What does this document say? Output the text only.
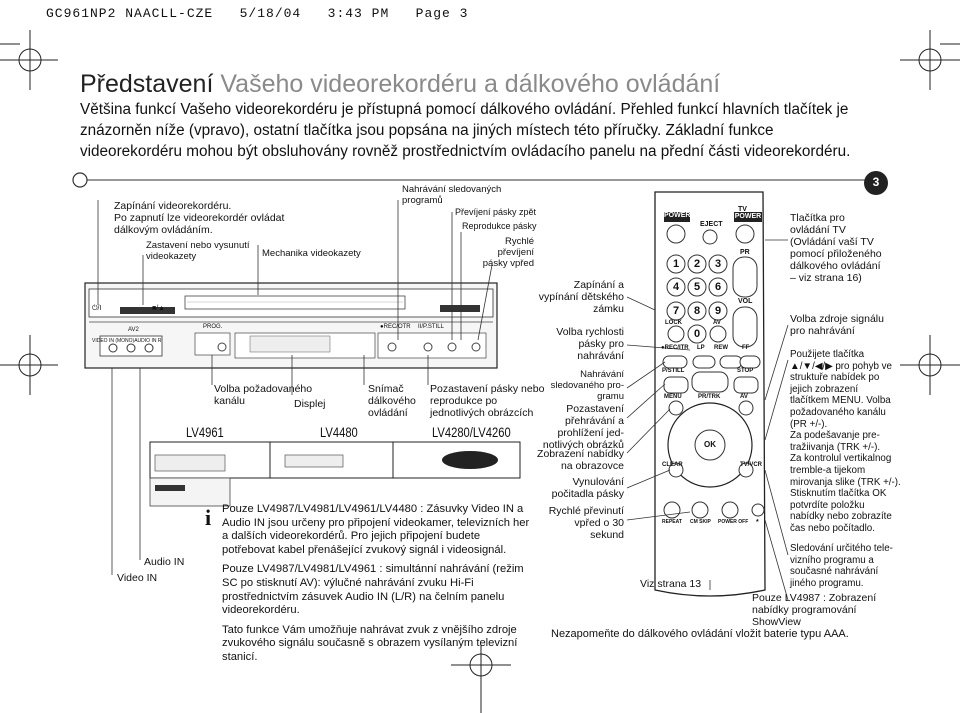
GC961NP2 NAACLL-CZE   5/18/04   3:43 PM   Page 3
Představení Vašeho videorekordéru a dálkového ovládání
Většina funkcí Vašeho videorekordéru je přístupná pomocí dálkového ovládání. Přehled funkcí hlavních tlačítek je znázorněn níže (vpravo), ostatní tlačítka jsou popsána na jiných místech této příručky. Základní funkce videorekordéru mohou být obsluhovány rovněž prostřednictvím ovládacího panelu na přední části videorekordéru.
3
Zapínání videorekordéru.
Po zapnutí lze videorekordér ovládat
dálkovým ovládáním.
Zastavení nebo vysunutí
videokazety	Mechanika videokazety
Nahrávání sledovaných
programů
Převíjení pásky zpět
Reprodukce pásky
Rychlé
převíjení
pásky vpřed
⏻/I	■/▲
AV2
VIDEO IN (MONO)AUDIO IN R
PROG.	●REC/OTR II/P.STILL
Volba požadovaného
kanálu	Displej
Snímač
dálkového
ovládání
Pozastavení pásky nebo
reprodukce po
jednotlivých obrázcích
Audio IN
Video IN
LV4961	LV4480	LV4280/LV4260
i Pouze LV4987/LV4981/LV4961/LV4480 : Zásuvky Video IN a Audio IN jsou určeny pro připojení videokamer, televizních her a dalších videorekordérů. Pro jejich připojení budete potřebovat kabel přenášející zvukový signál i videosignál.

Pouze LV4987/LV4981/LV4961 : simultánní nahrávání (režim SC po stisknutí AV): výlučné nahrávání zvuku Hi-Fi prostřednictvím zásuvek Audio IN (L/R) na čelním panelu videorekordéru.

Tato funkce Vám umožňuje nahrávat zvuk z vnějšího zdroje zvukového signálu současně s obrazem vysílaným televizní stanicí.

Zapínání a
vypínání dětského
zámku
Volba rychlosti
pásky pro
nahrávání
Nahrávání
sledovaného pro-
gramu
Pozastavení
přehrávání a
prohlížení jed-
notlivých obrázků
Zobrazení nabídky
na obrazovce
Vynulování
počitadla pásky
Rychlé převinutí
vpřed o 30
sekund
Tlačítka pro
ovládání TV
(Ovládání vaší TV
pomocí přiloženého
dálkového ovládání
– viz strana 16)
Volba zdroje signálu
pro nahrávání
Použijete tlačítka
▲/▼/◀/▶ pro pohyb ve
struktuře nabídek po
jejich zobrazení
tlačítkem MENU. Volba
požadovaného kanálu
(PR +/-).
Za podešavanje pre-
tražiivanja (TRK +/-).
Za kontrolul vertikalnog
tremble-a tijekom
mirovanja slike (TRK +/-).
Stisknutím tlačítka OK
potvrdíte položku
nabídky nebo zobrazíte
čas nebo počítadlo.
Sledování určitého tele-
vizního programu a
současné nahrávání
jiného programu.
Pouze LV4987 : Zobrazení
nabídky programování
ShowView
POWER
EJECT
TV
POWER
PR
VOL
1	2	3
4	5	6
7	8	9
0
LOCK	AV
●REC/ITR LP REW FF
P/STILL	STOP
MENU	PR/TRK	AV
OK
CLEAR	TV/VCR
REPEAT CM SKIP POWER OFF *
Viz strana 13
Nezapomeňte do dálkového ovládání vložit baterie typu AAA.
